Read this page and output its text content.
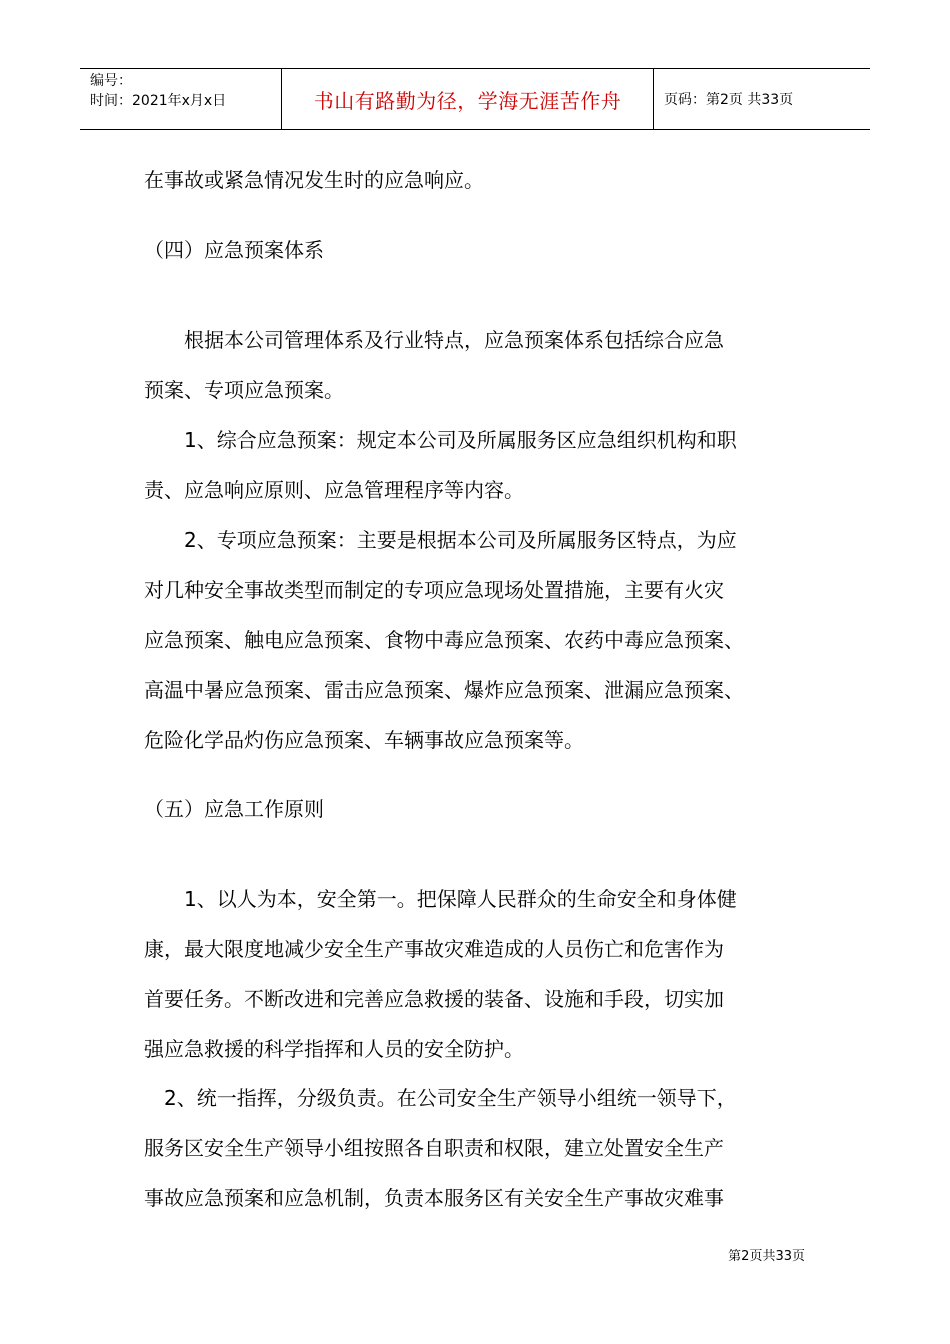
编号：
时间：2021年x月x日	书山有路勤为径，学海无涯苦作舟	页码：第2页 共33页

在事故或紧急情况发生时的应急响应。

（四）应急预案体系

　　根据本公司管理体系及行业特点，应急预案体系包括综合应急

预案、专项应急预案。

　　1、综合应急预案：规定本公司及所属服务区应急组织机构和职

责、应急响应原则、应急管理程序等内容。

　　2、专项应急预案：主要是根据本公司及所属服务区特点，为应

对几种安全事故类型而制定的专项应急现场处置措施，主要有火灾

应急预案、触电应急预案、食物中毒应急预案、农药中毒应急预案、

高温中暑应急预案、雷击应急预案、爆炸应急预案、泄漏应急预案、

危险化学品灼伤应急预案、车辆事故应急预案等。

（五）应急工作原则

　　1、以人为本，安全第一。把保障人民群众的生命安全和身体健

康，最大限度地减少安全生产事故灾难造成的人员伤亡和危害作为

首要任务。不断改进和完善应急救援的装备、设施和手段，切实加

强应急救援的科学指挥和人员的安全防护。

　2、统一指挥，分级负责。在公司安全生产领导小组统一领导下，

服务区安全生产领导小组按照各自职责和权限，建立处置安全生产

事故应急预案和应急机制，负责本服务区有关安全生产事故灾难事

第2页共33页
